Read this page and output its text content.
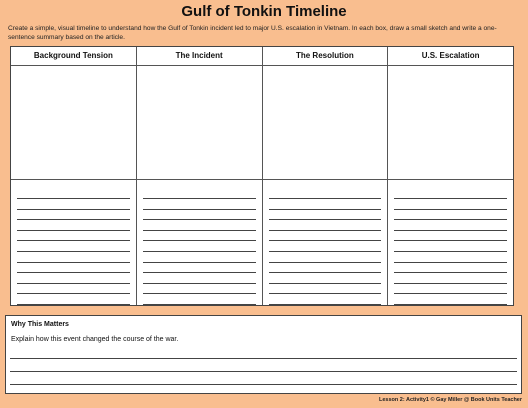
Gulf of Tonkin Timeline
Create a simple, visual timeline to understand how the Gulf of Tonkin incident led to major U.S. escalation in Vietnam. In each box, draw a small sketch and write a one-sentence summary based on the article.
Background Tension	The Incident	The Resolution	U.S. Escalation
Why This Matters
Explain how this event changed the course of the war.
Lesson 2: Activity1 © Gay Miller @ Book Units Teacher
